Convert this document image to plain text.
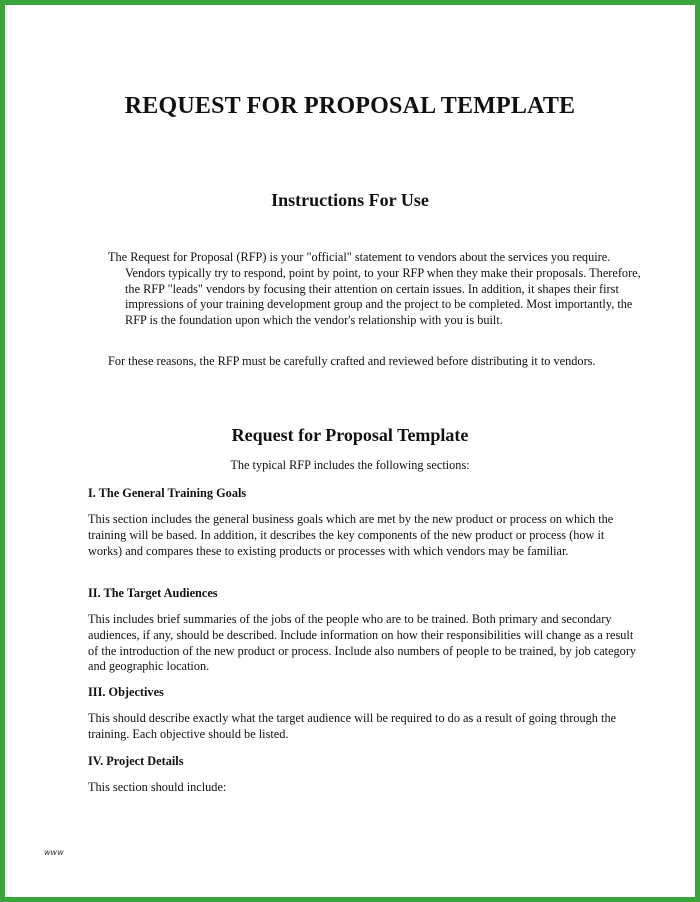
REQUEST FOR PROPOSAL TEMPLATE
Instructions For Use

The Request for Proposal (RFP) is your "official" statement to vendors about the services you require. Vendors typically try to respond, point by point, to your RFP when they make their proposals. Therefore, the RFP "leads" vendors by focusing their attention on certain issues. In addition, it shapes their first impressions of your training development group and the project to be completed. Most importantly, the RFP is the foundation upon which the vendor's relationship with you is built.

For these reasons, the RFP must be carefully crafted and reviewed before distributing it to vendors.

Request for Proposal Template
The typical RFP includes the following sections:
I. The General Training Goals

This section includes the general business goals which are met by the new product or process on which the training will be based. In addition, it describes the key components of the new product or process (how it works) and compares these to existing products or processes with which vendors may be familiar.

II. The Target Audiences

This includes brief summaries of the jobs of the people who are to be trained. Both primary and secondary audiences, if any, should be described. Include information on how their responsibilities will change as a result of the introduction of the new product or process. Include also numbers of people to be trained, by job category and geographic location.

III. Objectives

This should describe exactly what the target audience will be required to do as a result of going through the training. Each objective should be listed.

IV. Project Details

This section should include:

www
